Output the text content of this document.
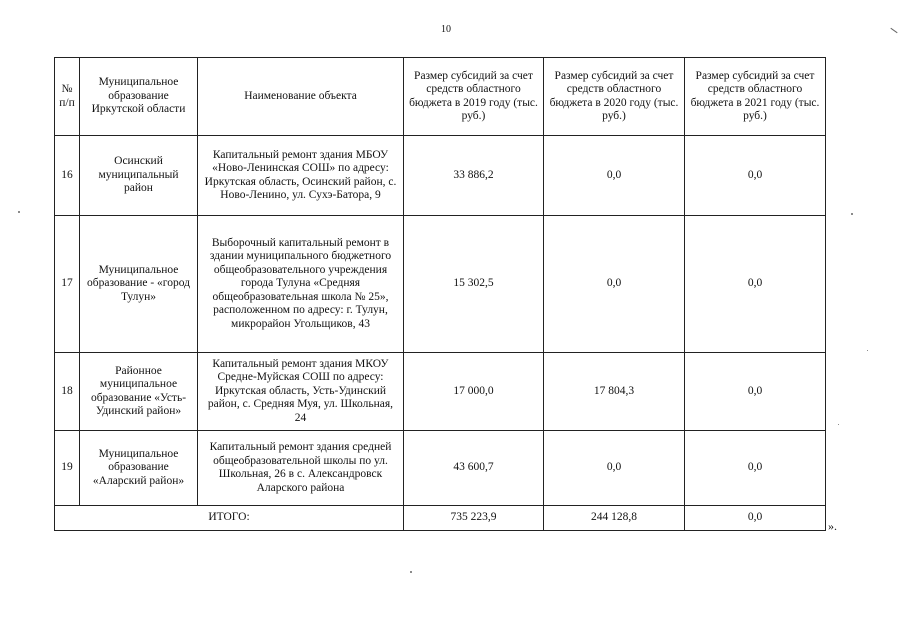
10
№ п/п	Муниципальное образование Иркутской области	Наименование объекта	Размер субсидий за счет средств областного бюджета в 2019 году (тыс. руб.)	Размер субсидий за счет средств областного бюджета в 2020 году (тыс. руб.)	Размер субсидий за счет средств областного бюджета в 2021 году (тыс. руб.)
16	Осинский муниципальный район	Капитальный ремонт здания МБОУ «Ново-Ленинская СОШ» по адресу: Иркутская область, Осинский район, с. Ново-Ленино, ул. Сухэ-Батора, 9	33 886,2	0,0	0,0
17	Муниципальное образование - «город Тулун»	Выборочный капитальный ремонт в здании муниципального бюджетного общеобразовательного учреждения города Тулуна «Средняя общеобразовательная школа № 25», расположенном по адресу: г. Тулун, микрорайон Угольщиков, 43	15 302,5	0,0	0,0
18	Районное муниципальное образование «Усть-Удинский район»	Капитальный ремонт здания МКОУ Средне-Муйская СОШ по адресу: Иркутская область, Усть-Удинский район, с. Средняя Муя, ул. Школьная, 24	17 000,0	17 804,3	0,0
19	Муниципальное образование «Аларский район»	Капитальный ремонт здания средней общеобразовательной школы по ул. Школьная, 26 в с. Александровск Аларского района	43 600,7	0,0	0,0
ИТОГО:			735 223,9	244 128,8	0,0
».
